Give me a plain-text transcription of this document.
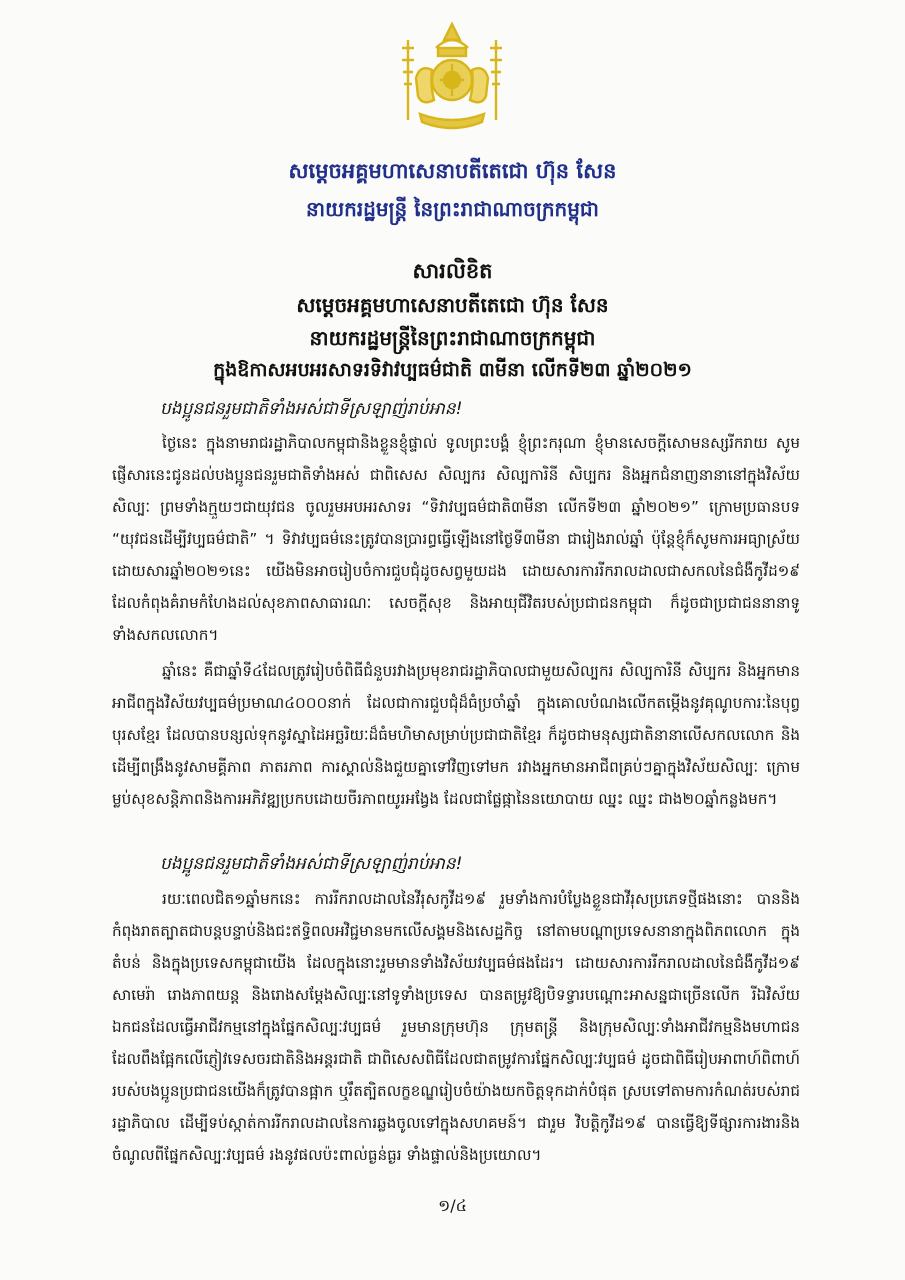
សម្តេចអគ្គមហាសេនាបតីតេជោ ហ៊ុន សែន
នាយករដ្ឋមន្ត្រី នៃព្រះរាជាណាចក្រកម្ពុជា
សារលិខិត
សម្តេចអគ្គមហាសេនាបតីតេជោ ហ៊ុន សែន
នាយករដ្ឋមន្ត្រីនៃព្រះរាជាណាចក្រកម្ពុជា
ក្នុងឱកាសអបអរសាទរទិវាវប្បធម៌ជាតិ ៣មីនា លើកទី២៣ ឆ្នាំ២០២១
បងប្អូនជនរួមជាតិទាំងអស់ជាទីស្រឡាញ់រាប់អាន!

ថ្ងៃនេះ ក្នុងនាមរាជរដ្ឋាភិបាលកម្ពុជានិងខ្លួនខ្ញុំផ្ទាល់ ទូលព្រះបង្គំ ខ្ញុំព្រះករុណា ខ្ញុំមានសេចក្តីសោមនស្សរីករាយ សូមផ្ញើសារនេះជូនដល់បងប្អូនជនរួមជាតិទាំងអស់ ជាពិសេស សិល្បករ សិល្បការិនី សិប្បករ និងអ្នកជំនាញនានានៅក្នុងវិស័យសិល្បៈ ព្រមទាំងក្មួយៗជាយុវជន ចូលរួមអបអរសាទរ “ទិវាវប្បធម៌ជាតិ៣មីនា លើកទី២៣ ឆ្នាំ២០២១” ក្រោមប្រធានបទ “យុវជនដើម្បីវប្បធម៌ជាតិ” ។ ទិវាវប្បធម៌នេះត្រូវបានប្រារព្ធធ្វើឡើងនៅថ្ងៃទី៣មីនា ជារៀងរាល់ឆ្នាំ ប៉ុន្តែខ្ញុំក៏សូមការអធ្យាស្រ័យ ដោយសារឆ្នាំ២០២១នេះ យើងមិនអាចរៀបចំការជួបជុំដូចសព្វមួយដង ដោយសារការរីករាលដាលជាសកលនៃជំងឺកូវីដ១៩ ដែលកំពុងគំរាមកំហែងដល់សុខភាពសាធារណៈ សេចក្តីសុខ និងអាយុជីវិតរបស់ប្រជាជនកម្ពុជា ក៏ដូចជាប្រជាជននានាទូទាំងសកលលោក។

ឆ្នាំនេះ គឺជាឆ្នាំទី៤ដែលត្រូវរៀបចំពិធីជំនួបរវាងប្រមុខរាជរដ្ឋាភិបាលជាមួយសិល្បករ សិល្បការិនី សិប្បករ និងអ្នកមានអាជីពក្នុងវិស័យវប្បធម៌ប្រមាណ៤០០០នាក់ ដែលជាការជួបជុំដ៏ធំប្រចាំឆ្នាំ ក្នុងគោលបំណងលើកតម្កើងនូវគុណូបការៈនៃបុព្វបុរសខ្មែរ ដែលបានបន្សល់ទុកនូវស្នាដៃអច្ឆរិយៈដ៏ធំមហិមាសម្រាប់ប្រជាជាតិខ្មែរ ក៏ដូចជាមនុស្សជាតិនានាលើសកលលោក និងដើម្បីពង្រឹងនូវសាមគ្គីភាព ភាតរភាព ការស្គាល់និងជួយគ្នាទៅវិញទៅមក រវាងអ្នកមានអាជីពគ្រប់ៗគ្នាក្នុងវិស័យសិល្បៈ ក្រោមម្លប់សុខសន្តិភាពនិងការអភិវឌ្ឍប្រកបដោយចីរភាពយូរអង្វែង ដែលជាផ្លែផ្កានៃនយោបាយ ឈ្នះ ឈ្នះ ជាង២០ឆ្នាំកន្លងមក។

បងប្អូនជនរួមជាតិទាំងអស់ជាទីស្រឡាញ់រាប់អាន!

រយៈពេលជិត១ឆ្នាំមកនេះ ការរីករាលដាលនៃវីរុសកូវីដ១៩ រួមទាំងការបំប្លែងខ្លួនជាវីរុសប្រភេទថ្មីផងនោះ បាននិងកំពុងរាតត្បាតជាបន្តបន្ទាប់និងជះឥទ្ធិពលអវិជ្ជមានមកលើសង្គមនិងសេដ្ឋកិច្ច នៅតាមបណ្តាប្រទេសនានាក្នុងពិភពលោក ក្នុងតំបន់ និងក្នុងប្រទេសកម្ពុជាយើង ដែលក្នុងនោះរួមមានទាំងវិស័យវប្បធម៌ផងដែរ។ ដោយសារការរីករាលដាលនៃជំងឺកូវីដ១៩ សាមេរ៉ា រោងភាពយន្ត និងរោងសម្តែងសិល្បៈនៅទូទាំងប្រទេស បានតម្រូវឱ្យបិទទ្វារបណ្តោះអាសន្នជាច្រើនលើក រីឯវិស័យឯកជនដែលធ្វើអាជីវកម្មនៅក្នុងផ្នែកសិល្បៈវប្បធម៌ រួមមានក្រុមហ៊ុន ក្រុមតន្ត្រី និងក្រុមសិល្បៈទាំងអាជីវកម្មនិងមហាជន ដែលពឹងផ្អែកលើភ្ញៀវទេសចរជាតិនិងអន្តរជាតិ ជាពិសេសពិធីដែលជាតម្រូវការផ្នែកសិល្បៈវប្បធម៌ ដូចជាពិធីរៀបអាពាហ៍ពិពាហ៍របស់បងប្អូនប្រជាជនយើងក៏ត្រូវបានផ្អាក ឬរឹតត្បិតលក្ខខណ្ឌរៀបចំយ៉ាងយកចិត្តទុកដាក់បំផុត ស្របទៅតាមការកំណត់របស់រាជរដ្ឋាភិបាល ដើម្បីទប់ស្កាត់ការរីករាលដាលនៃការឆ្លងចូលទៅក្នុងសហគមន៍។ ជារួម វិបត្តិកូវីដ១៩ បានធ្វើឱ្យទីផ្សារការងារនិងចំណូលពីផ្នែកសិល្បៈវប្បធម៌ រងនូវផលប៉ះពាល់ធ្ងន់ធ្ងរ ទាំងផ្ទាល់និងប្រយោល។

១/៤
